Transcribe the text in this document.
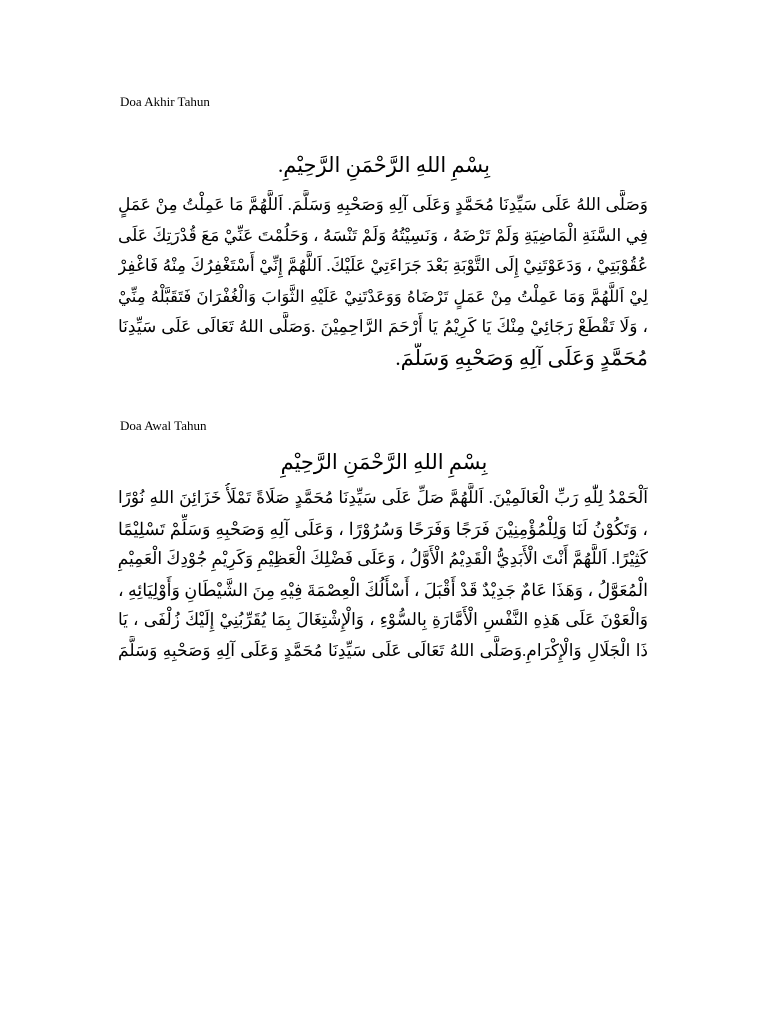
Doa Akhir Tahun
بِسْمِ اللهِ الرَّحْمَنِ الرَّحِيْمِ.
وَصَلَّى اللهُ عَلَى سَيِّدِنَا مُحَمَّدٍ وَعَلَى آلِهِ وَصَحْبِهِ وَسَلَّمَ. اَللَّهُمَّ مَا عَمِلْتُ مِنْ عَمَلٍ
فِي السَّنَةِ الْمَاضِيَةِ وَلَمْ تَرْضَهُ ، وَنَسِيْتُهُ وَلَمْ تَنْسَهُ ، وَحَلُمْتَ عَنِّيْ مَعَ قُدْرَتِكَ عَلَى
عُقُوْبَتِيْ ، وَدَعَوْتَنِيْ إِلَى التَّوْبَةِ بَعْدَ جَرَاءَتِيْ عَلَيْكَ. اَللَّهُمَّ إِنِّيْ أَسْتَغْفِرُكَ مِنْهُ فَاغْفِرْ
لِيْ اَللَّهُمَّ وَمَا عَمِلْتُ مِنْ عَمَلٍ تَرْضَاهُ وَوَعَدْتَنِيْ عَلَيْهِ الثَّوَابَ وَالْغُفْرَانَ فَتَقَبَّلْهُ مِنِّيْ
، وَلَا تَقْطَعْ رَجَائِيْ مِنْكَ يَا كَرِيْمُ يَا أَرْحَمَ الرَّاحِمِيْنَ .وَصَلَّى اللهُ تَعَالَى عَلَى سَيِّدِنَا
مُحَمَّدٍ وَعَلَى آلِهِ وَصَحْبِهِ وَسَلَّمَ.
Doa Awal Tahun
بِسْمِ اللهِ الرَّحْمَنِ الرَّحِيْمِ
اَلْحَمْدُ لِلّٰهِ رَبِّ الْعَالَمِيْنَ. اَللَّهُمَّ صَلِّ عَلَى سَيِّدِنَا مُحَمَّدٍ صَلَاةً تَمْلَأُ خَزَائِنَ اللهِ نُوْرًا
، وَتَكُوْنُ لَنَا وَلِلْمُؤْمِنِيْنَ فَرَجًا وَفَرَحًا وَسُرُوْرًا ، وَعَلَى آلِهِ وَصَحْبِهِ وَسَلِّمْ تَسْلِيْمًا
كَثِيْرًا. اَللَّهُمَّ أَنْتَ الْأَبَدِيُّ الْقَدِيْمُ الْأَوَّلُ ، وَعَلَى فَضْلِكَ الْعَظِيْمِ وَكَرِيْمِ جُوْدِكَ الْعَمِيْمِ
الْمُعَوَّلُ ، وَهَذَا عَامٌ جَدِيْدٌ قَدْ أَقْبَلَ ، أَسْأَلُكَ الْعِصْمَةَ فِيْهِ مِنَ الشَّيْطَانِ وَأَوْلِيَائِهِ ،
وَالْعَوْنَ عَلَى هَذِهِ النَّفْسِ الْأَمَّارَةِ بِالسُّوْءِ ، وَالْإِشْتِغَالَ بِمَا يُقَرِّبُنِيْ إِلَيْكَ زُلْفَى ، يَا
ذَا الْجَلَالِ وَالْإِكْرَامِ.وَصَلَّى اللهُ تَعَالَى عَلَى سَيِّدِنَا مُحَمَّدٍ وَعَلَى آلِهِ وَصَحْبِهِ وَسَلَّمَ
